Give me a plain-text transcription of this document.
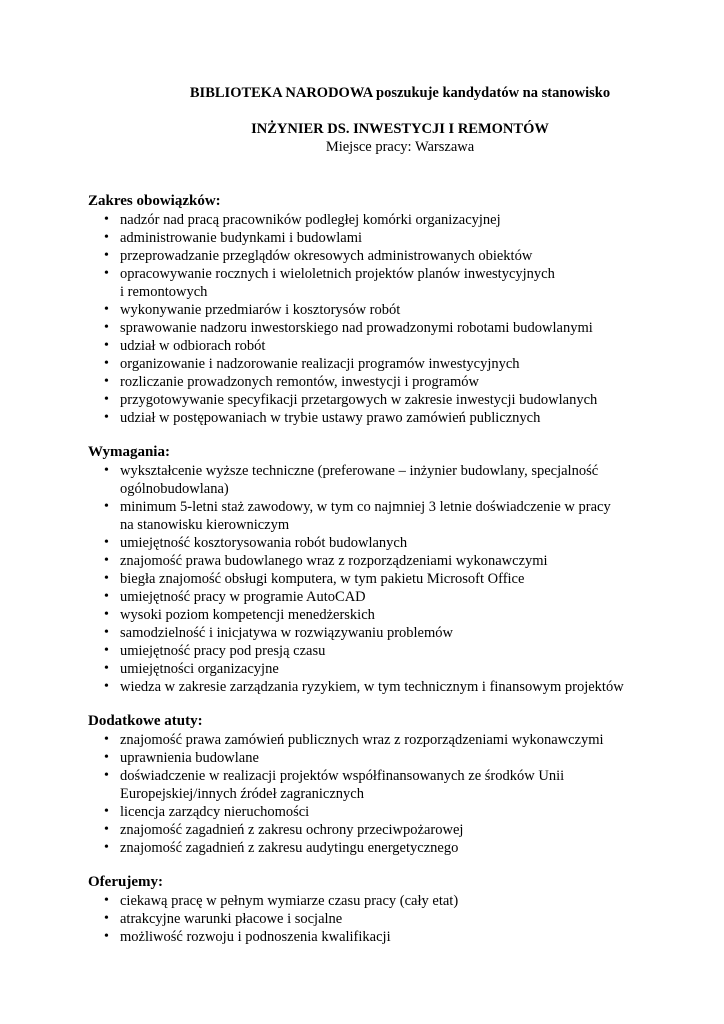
BIBLIOTEKA NARODOWA poszukuje kandydatów na stanowisko
INŻYNIER DS. INWESTYCJI I REMONTÓW
Miejsce pracy: Warszawa
Zakres obowiązków:
• nadzór nad pracą pracowników podległej komórki organizacyjnej
• administrowanie budynkami i budowlami
• przeprowadzanie przeglądów okresowych administrowanych obiektów
• opracowywanie rocznych i wieloletnich projektów planów inwestycyjnych
i remontowych
• wykonywanie przedmiarów i kosztorysów robót
• sprawowanie nadzoru inwestorskiego nad prowadzonymi robotami budowlanymi
• udział w odbiorach robót
• organizowanie i nadzorowanie realizacji programów inwestycyjnych
• rozliczanie prowadzonych remontów, inwestycji i programów
• przygotowywanie specyfikacji przetargowych w zakresie inwestycji budowlanych
• udział w postępowaniach w trybie ustawy prawo zamówień publicznych
Wymagania:
• wykształcenie wyższe techniczne (preferowane – inżynier budowlany, specjalność
ogólnobudowlana)
• minimum 5-letni staż zawodowy, w tym co najmniej 3 letnie doświadczenie w pracy
na stanowisku kierowniczym
• umiejętność kosztorysowania robót budowlanych
• znajomość prawa budowlanego wraz z rozporządzeniami wykonawczymi
• biegła znajomość obsługi komputera, w tym pakietu Microsoft Office
• umiejętność pracy w programie AutoCAD
• wysoki poziom kompetencji menedżerskich
• samodzielność i inicjatywa w rozwiązywaniu problemów
• umiejętność pracy pod presją czasu
• umiejętności organizacyjne
• wiedza w zakresie zarządzania ryzykiem, w tym technicznym i finansowym projektów
Dodatkowe atuty:
• znajomość prawa zamówień publicznych wraz z rozporządzeniami wykonawczymi
• uprawnienia budowlane
• doświadczenie w realizacji projektów współfinansowanych ze środków Unii
Europejskiej/innych źródeł zagranicznych
• licencja zarządcy nieruchomości
• znajomość zagadnień z zakresu ochrony przeciwpożarowej
• znajomość zagadnień z zakresu audytingu energetycznego
Oferujemy:
• ciekawą pracę w pełnym wymiarze czasu pracy (cały etat)
• atrakcyjne warunki płacowe i socjalne
• możliwość rozwoju i podnoszenia kwalifikacji
